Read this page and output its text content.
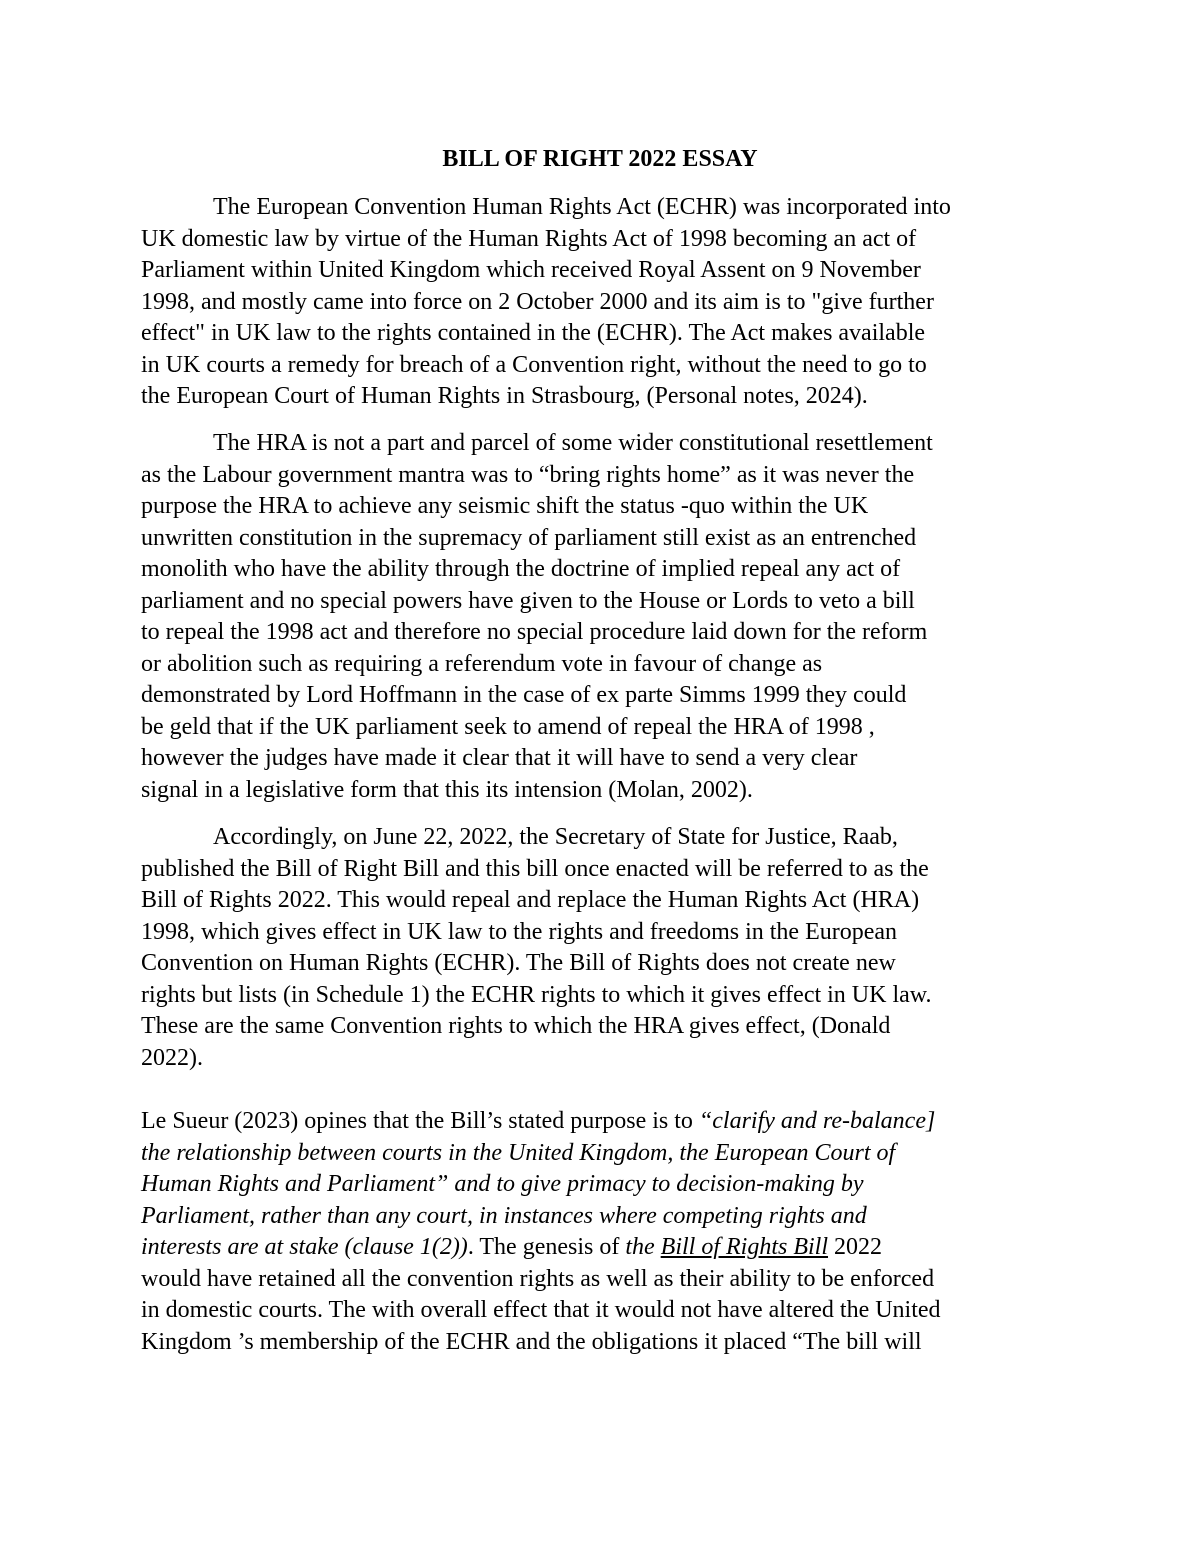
BILL OF RIGHT 2022 ESSAY

The European Convention Human Rights Act (ECHR) was incorporated into
UK domestic law by virtue of the Human Rights Act of 1998 becoming an act of
Parliament within United Kingdom which received Royal Assent on 9 November
1998, and mostly came into force on 2 October 2000 and its aim is to "give further
effect" in UK law to the rights contained in the (ECHR). The Act makes available
in UK courts a remedy for breach of a Convention right, without the need to go to
the European Court of Human Rights in Strasbourg, (Personal notes, 2024).

The HRA is not a part and parcel of some wider constitutional resettlement
as the Labour government mantra was to “bring rights home” as it was never the
purpose the HRA to achieve any seismic shift the status -quo within the UK
unwritten constitution in the supremacy of parliament still exist as an entrenched
monolith who have the ability through the doctrine of implied repeal any act of
parliament and no special powers have given to the House or Lords to veto a bill
to repeal the 1998 act and therefore no special procedure laid down for the reform
or abolition such as requiring a referendum vote in favour of change as
demonstrated by Lord Hoffmann in the case of ex parte Simms 1999 they could
be geld that if the UK parliament seek to amend of repeal the HRA of 1998 ,
however the judges have made it clear that it will have to send a very clear
signal in a legislative form that this its intension (Molan, 2002).

Accordingly, on June 22, 2022, the Secretary of State for Justice, Raab,
published the Bill of Right Bill and this bill once enacted will be referred to as the
Bill of Rights 2022. This would repeal and replace the Human Rights Act (HRA)
1998, which gives effect in UK law to the rights and freedoms in the European
Convention on Human Rights (ECHR). The Bill of Rights does not create new
rights but lists (in Schedule 1) the ECHR rights to which it gives effect in UK law.
These are the same Convention rights to which the HRA gives effect, (Donald
2022).

Le Sueur (2023) opines that the Bill’s stated purpose is to “clarify and re-balance]
the relationship between courts in the United Kingdom, the European Court of
Human Rights and Parliament” and to give primacy to decision-making by
Parliament, rather than any court, in instances where competing rights and
interests are at stake (clause 1(2)). The genesis of the Bill of Rights Bill 2022
would have retained all the convention rights as well as their ability to be enforced
in domestic courts. The with overall effect that it would not have altered the United
Kingdom ’s membership of the ECHR and the obligations it placed “The bill will
